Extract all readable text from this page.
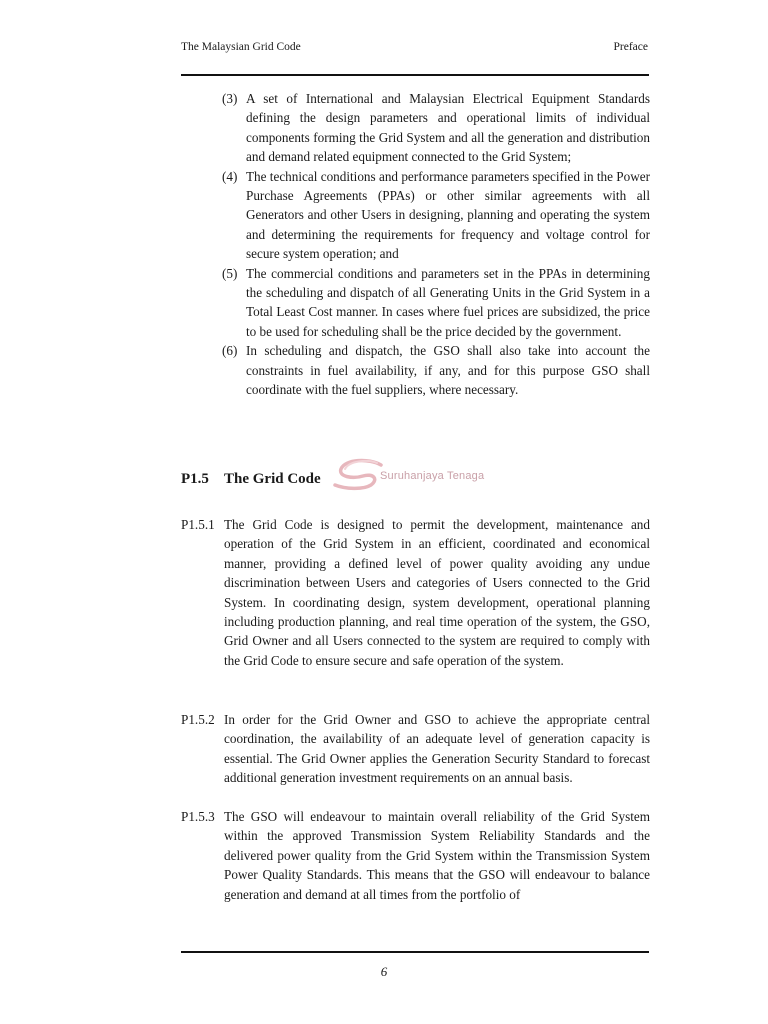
The Malaysian Grid Code	Preface
(3) A set of International and Malaysian Electrical Equipment Standards defining the design parameters and operational limits of individual components forming the Grid System and all the generation and distribution and demand related equipment connected to the Grid System;
(4) The technical conditions and performance parameters specified in the Power Purchase Agreements (PPAs) or other similar agreements with all Generators and other Users in designing, planning and operating the system and determining the requirements for frequency and voltage control for secure system operation; and
(5) The commercial conditions and parameters set in the PPAs in determining the scheduling and dispatch of all Generating Units in the Grid System in a Total Least Cost manner. In cases where fuel prices are subsidized, the price to be used for scheduling shall be the price decided by the government.
(6) In scheduling and dispatch, the GSO shall also take into account the constraints in fuel availability, if any, and for this purpose GSO shall coordinate with the fuel suppliers, where necessary.
P1.5 The Grid Code	Suruhanjaya Tenaga
P1.5.1 The Grid Code is designed to permit the development, maintenance and operation of the Grid System in an efficient, coordinated and economical manner, providing a defined level of power quality avoiding any undue discrimination between Users and categories of Users connected to the Grid System. In coordinating design, system development, operational planning including production planning, and real time operation of the system, the GSO, Grid Owner and all Users connected to the system are required to comply with the Grid Code to ensure secure and safe operation of the system.
P1.5.2 In order for the Grid Owner and GSO to achieve the appropriate central coordination, the availability of an adequate level of generation capacity is essential. The Grid Owner applies the Generation Security Standard to forecast additional generation investment requirements on an annual basis.
P1.5.3 The GSO will endeavour to maintain overall reliability of the Grid System within the approved Transmission System Reliability Standards and the delivered power quality from the Grid System within the Transmission System Power Quality Standards. This means that the GSO will endeavour to balance generation and demand at all times from the portfolio of
6
